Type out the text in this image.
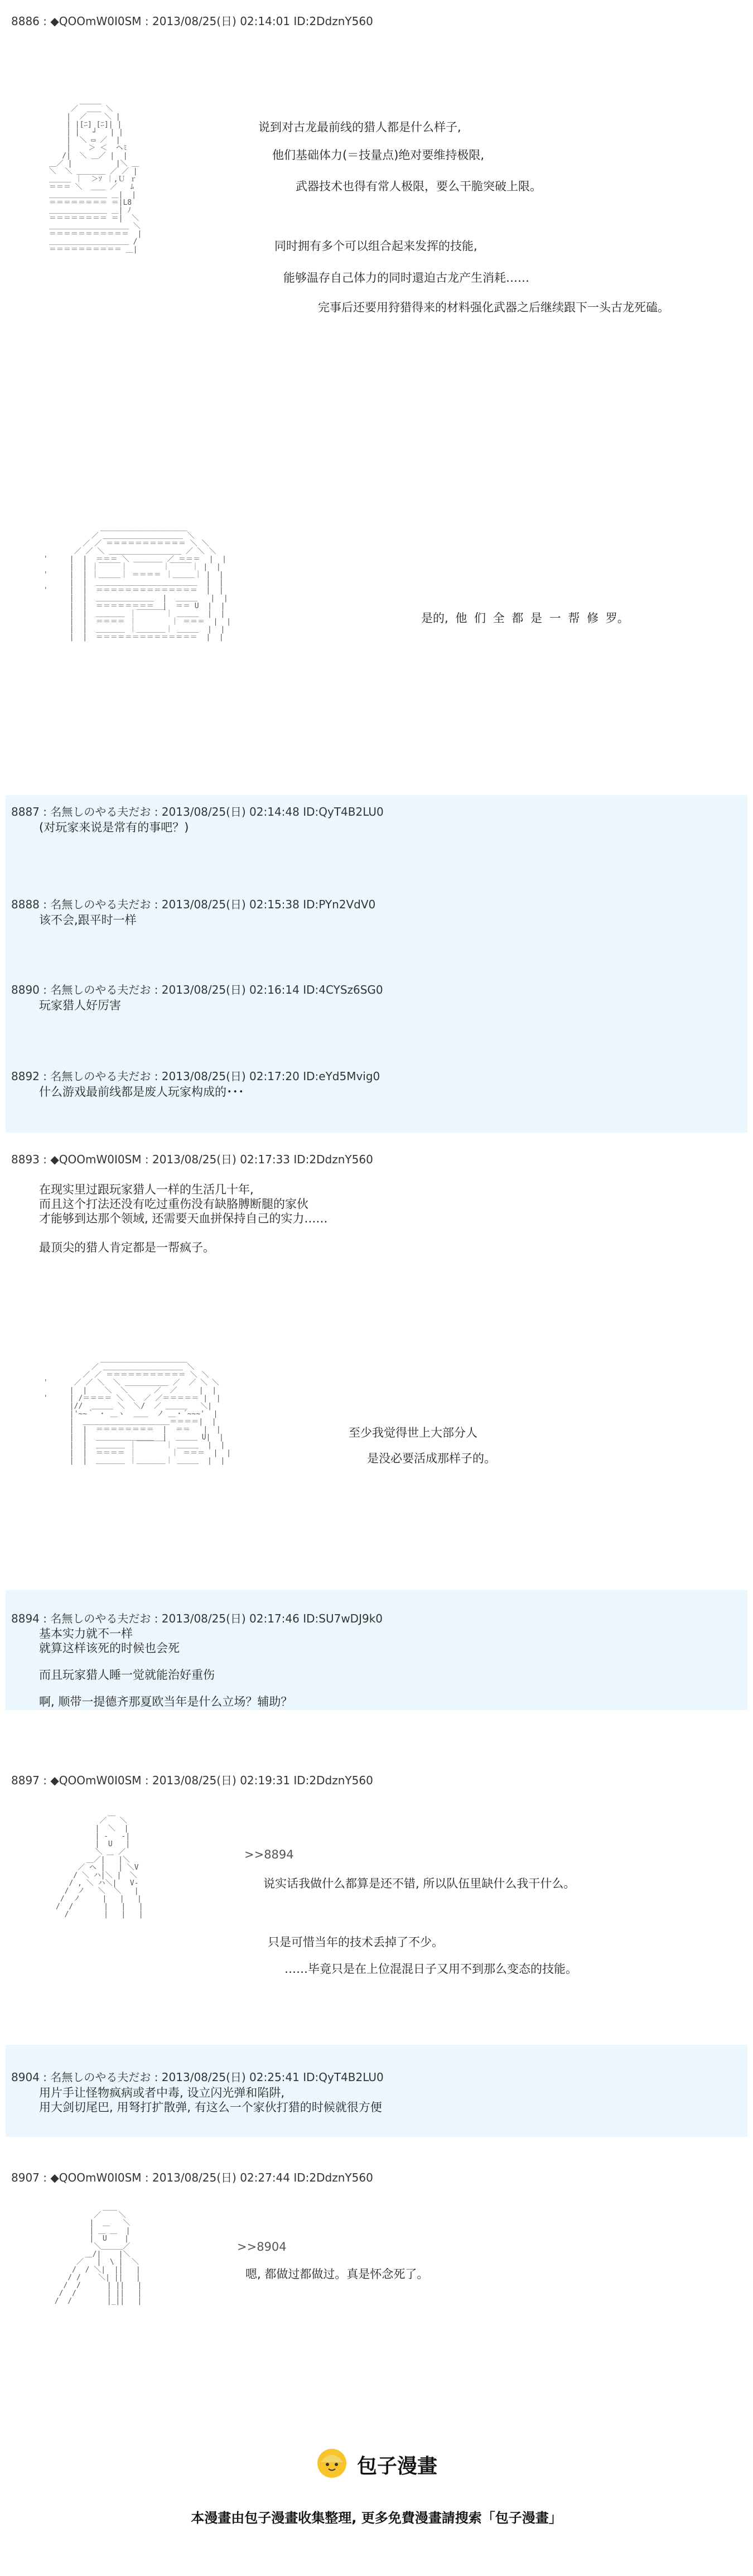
8886 : ◆QOOmW0I0SM : 2013/08/25(日) 02:14:01 ID:2DdznY560
＿＿＿
／  ＿＿ ＼
|  ／    ＼ |
| |[ﾆ] [ﾆ]| |
| |   ┘   | |
|  ＼ ▭ ／  |
|    ＞ ＜  ヘﾐ
/|  ＼ ＿／ |  |
＿／ |          |＼ ＿
＼  ＼ ＿＿＿＿ ／ ／ |
＿＿＿ ｜  ＞ｿ ｜,Ｕ ｒ
＝＝＝ ＼  ＿＿ ／   ﾑ
＿＿＿＿＿＿＿＿ ＿|  |
＝＝＝＝＝＝＝＝ ＝|L8
＿＿＿＿＿＿＿＿ ＿| ﾉ
＝＝＝＝＝＝＝＝ ＝|  ＼
＿＿＿＿＿＿＿＿＿＿＿ ＼
＝＝＝＝＝＝＝＝＝＝＝  |
＿＿＿＿＿＿＿＿＿＿＿ /
＝＝＝＝＝＝＝＝＝＝ ＿|
说到对古龙最前线的猎人都是什么样子,
他们基础体力(＝技量点)绝对要维持极限,
武器技术也得有常人极限，要么干脆突破上限。
同时拥有多个可以组合起来发挥的技能,
能够温存自己体力的同时還迫古龙产生消耗……
完事后还要用狩猎得来的材料强化武器之后继续跟下一头古龙死磕。
＿＿＿＿＿＿＿＿＿＿＿＿
／ ＿＿＿＿＿＿＿＿＿＿＿ ＼
／ ／ ＝＝＝＝＝＝＝＝＝＝＝ ＼ ＼
／ ／ ＼ ＿＿＿＿＿＿＿＿＿＿ ／ ＼ ＼
'     |  |  ＝＝＝ ＼ ＿＿＿＿ ／ ＝＝＝  |  |
|  | ｜￣￣￣｜        ｜￣￣￣｜ |  |
'     |  | ｜＿＿＿｜ ＝＝＝＝ ｜＿＿＿｜ |  |
|  |  ＿＿＿＿＿＿＿＿＿＿＿＿＿＿  |  |
'     |  |  ＝＝＝＝＝＝＝＝＝＝＝＝＝＝  |  |
|  |  ＿＿＿＿＿＿＿＿  |  ＿＿＿   |  |
|  |  ＝＝＝＝＝＝＝＝  |  ＝＝ U  |  |
|  |  ＿＿＿＿ ｜￣￣￣￣｜ ＿＿＿  |  |
|  |  ＝＝＝＝ ｜        ｜ ＝＝＝  |  |
|  |  ＿＿＿＿ ｜＿＿＿＿｜ ＿＿＿  |  |
|  |  ＝＝＝＝＝＝＝＝＝＝＝＝＝＝  |  |
是的, 他 们 全 都 是 一 帮 修 罗。
8887 : 名無しのやる夫だお : 2013/08/25(日) 02:14:48 ID:QyT4B2LU0
(对玩家来说是常有的事吧？)
8888 : 名無しのやる夫だお : 2013/08/25(日) 02:15:38 ID:PYn2VdV0
该不会,跟平时一样
8890 : 名無しのやる夫だお : 2013/08/25(日) 02:16:14 ID:4CYSz6SG0
玩家猎人好厉害
8892 : 名無しのやる夫だお : 2013/08/25(日) 02:17:20 ID:eYd5Mvig0
什么游戏最前线都是废人玩家构成的･･･
8893 : ◆QOOmW0I0SM : 2013/08/25(日) 02:17:33 ID:2DdznY560
在现实里过跟玩家猎人一样的生活几十年,
而且这个打法还没有吃过重伤没有缺胳膊断腿的家伙
才能够到达那个领域, 还需要天血拼保持自己的实力……
最顶尖的猎人肯定都是一帮疯子。
＿＿＿＿＿＿＿＿＿＿＿＿
／ ＿＿＿＿＿＿＿＿＿＿＿ ＼
／ ／ ＝＝＝＝＝＝＝＝＝＝＝ ＼ ＼
'      ／ ／ ＼  ＼ ＿＿＿＿＿＿ ／  ／ ＼ ＼
|  |    ＼  ＼      ／  ／     |  |
'     | /＝＝＝＝ ＼ ＼  ／ ／＝＝＝＝＝ |  |
|//  ＿＿＿ ＼  ＼/  ／ ＿＿＿   ＼|
|'~~｀ ・ ＿ヽ  ＿＿  ノ ＿・´~~~'  |
|  ＿＿＿＿＿＿＿＿＿＿＿＿＝＝＝＝|  |
|  |  ＝＝＝＝＝＝＝＝  |  ＝＝   |  |
|  |  ＿＿＿＿＿＿＿＿  |  ＿＿＿ U|  |
|  |  ＿＿＿＿ ｜￣￣￣￣｜ ＿＿＿  |  |
|  |  ＝＝＝＝ ｜        ｜ ＝＝＝  |  |
|  |  ＿＿＿＿ ｜＿＿＿＿｜ ＿＿＿  |  |
至少我觉得世上大部分人
是没必要活成那样子的。
8894 : 名無しのやる夫だお : 2013/08/25(日) 02:17:46 ID:SU7wDJ9k0
基本实力就不一样
就算这样该死的时候也会死
而且玩家猎人睡一觉就能治好重伤
啊, 顺带一提德齐那夏欧当年是什么立场？辅助？
8897 : ◆QOOmW0I0SM : 2013/08/25(日) 02:19:31 ID:2DdznY560
＿
／   ＼
|  ＼  |
| -   -|
|  U   |
＼ ＿ ／
＿／|   |＼
／ ヘ |   | ＼V
/ ＼ ハ|＼ |  ＼
/ , ＼ ハ＼|   V-
/  ノ   ＼  ＼   |
/  ノ     |   |   |
/  /       |   |   |
/        |   |   |
>>8894
说实话我做什么都算是还不错, 所以队伍里缺什么我干什么。
只是可惜当年的技术丢掉了不少。
……毕竟只是在上位混混日子又用不到那么变态的技能。
8904 : 名無しのやる夫だお : 2013/08/25(日) 02:25:41 ID:QyT4B2LU0
用片手让怪物疯病或者中毒, 设立闪光弹和陷阱,
用大剑切尾巴, 用弩打扩散弹, 有这么一个家伙打猎的时候就很方便
8907 : ◆QOOmW0I0SM : 2013/08/25(日) 02:27:44 ID:2DdznY560
＿＿
／    ＼
|  ＿   ＼
| ＿ ＿  |
|  U    |
＼＿＿＿／
＿/|    |＼
／   |  \ |  ＼
/  / ＼|  ||   |
/ /    ＼| ||   |
/  /      | ||   |
/  /       | ||   |
/  /        |_||   |
>>8904
嗯, 都做过都做过。真是怀念死了。
包子漫畫
本漫畫由包子漫畫收集整理, 更多免費漫畫請搜索「包子漫畫」
